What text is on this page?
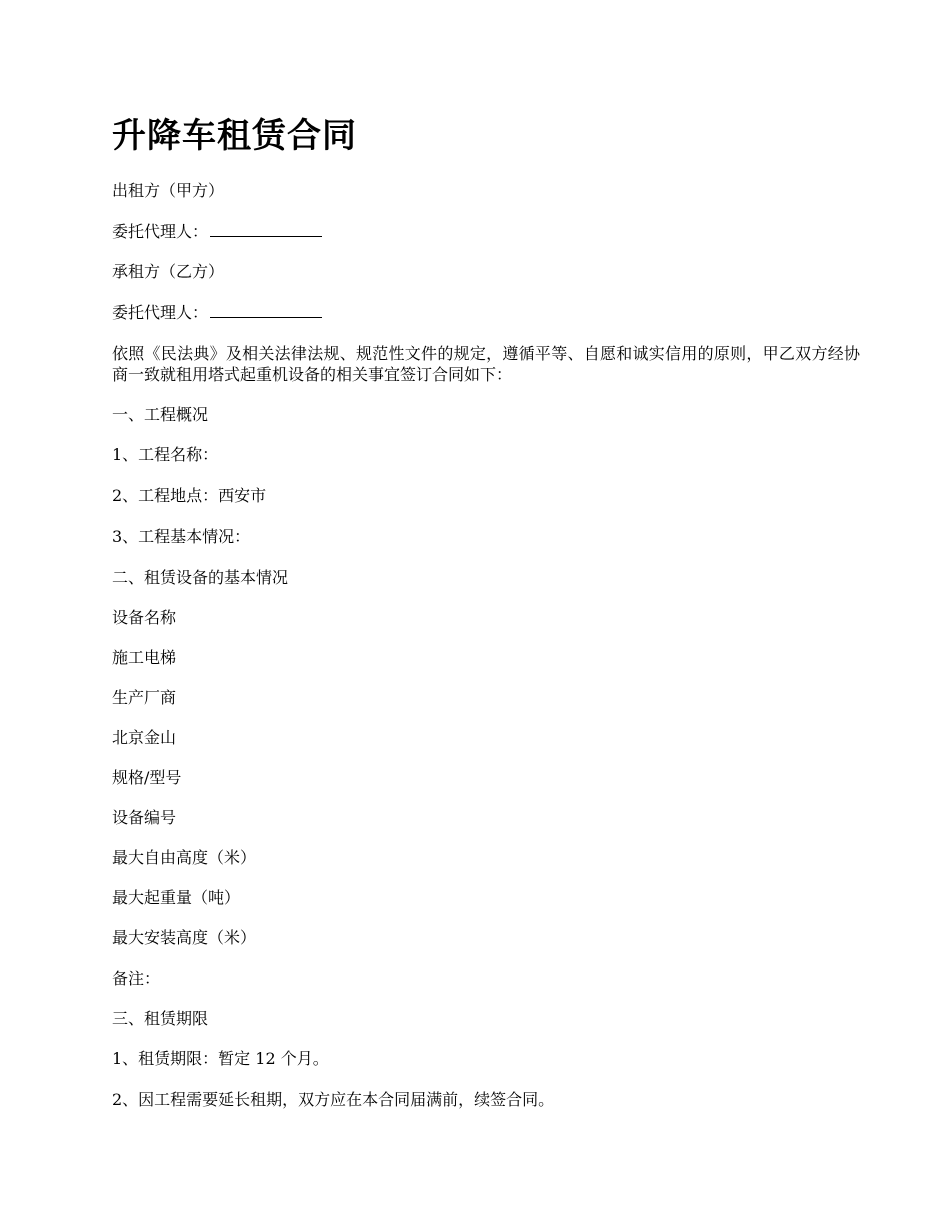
升降车租赁合同

出租方（甲方）

委托代理人：

承租方（乙方）

委托代理人：

依照《民法典》及相关法律法规、规范性文件的规定，遵循平等、自愿和诚实信用的原则，甲乙双方经协商一致就租用塔式起重机设备的相关事宜签订合同如下：

一、工程概况

1、工程名称：

2、工程地点：西安市

3、工程基本情况：

二、租赁设备的基本情况

设备名称

施工电梯

生产厂商

北京金山

规格/型号

设备编号

最大自由高度（米）

最大起重量（吨）

最大安装高度（米）

备注：

三、租赁期限

1、租赁期限：暂定 12 个月。

2、因工程需要延长租期，双方应在本合同届满前，续签合同。
